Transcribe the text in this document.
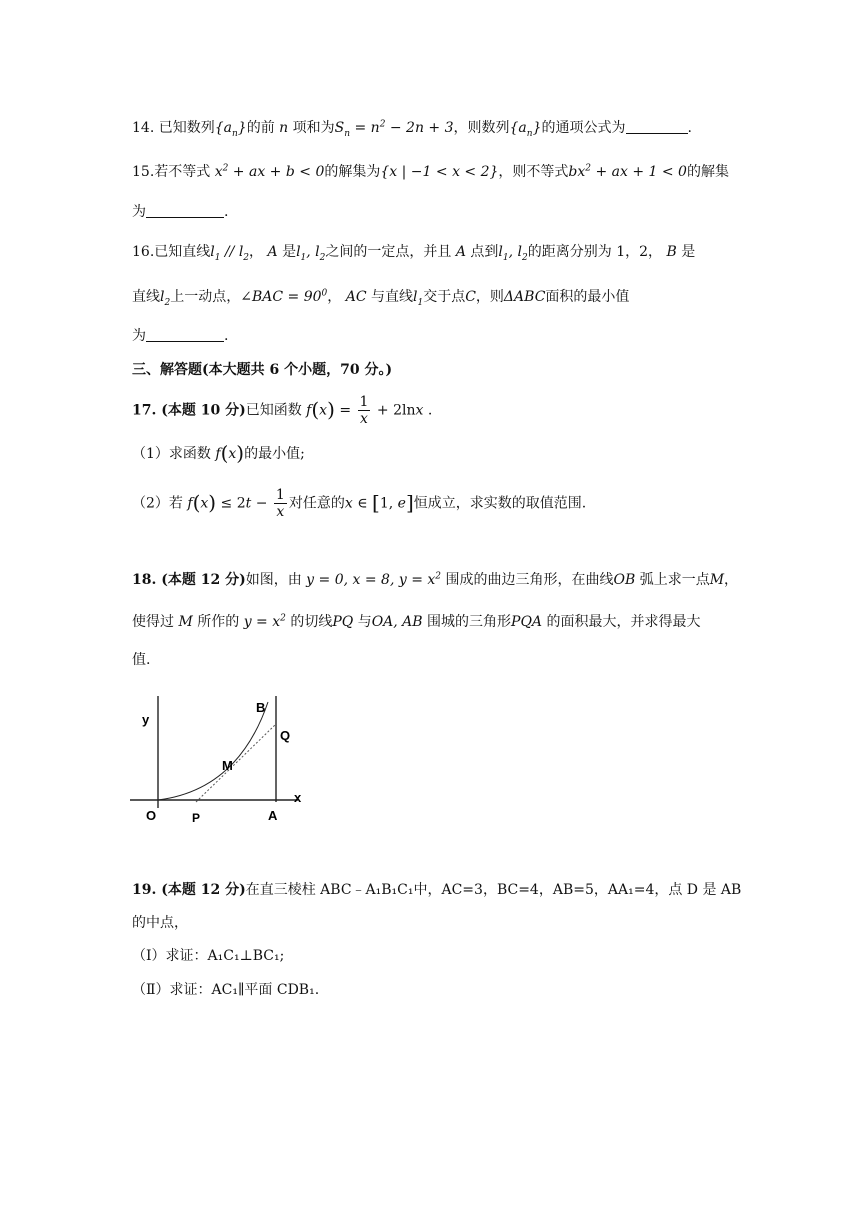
14. 已知数列$\{a_n\}$的前 n 项和为$S_n = n^2 - 2n + 3$，则数列$\{a_n\}$的通项公式为	.
15.若不等式 $x^2$ + ax + b < 0的解集为{x | −1 < x < 2}，则不等式$bx^2$ + ax + 1 < 0的解集
为	.
16.已知直线$l_1 // l_2$， A 是$l_1$, $l_2$之间的一定点，并且 A 点到$l_1$, $l_2$的距离分别为 1，2， B 是
直线$l_2$上一动点，∠BAC = $90^0$， AC 与直线$l_1$交于点C，则ΔABC面积的最小值
为	.
三、解答题(本大题共 6 个小题，70 分。)
17. (本题 10 分)已知函数 $f(x) = \frac{1}{x} + 2\ln x$ .
（1）求函数 f(x)的最小值;
（2）若 $f(x) \le 2t - \frac{1}{x}$ 对任意的x ∈ [1, e]恒成立，求实数的取值范围.
18. (本题 12 分)如图，由 y = 0, x = 8, $y = x^2$ 围成的曲边三角形，在曲线OB 弧上求一点M，
使得过 M 所作的 $y = x^2$ 的切线PQ 与OA, AB 围城的三角形PQA 的面积最大，并求得最大
值.
y
x
O	P	A
B
Q
M
19. (本题 12 分)在直三棱柱 ABC﹣A₁B₁C₁中，AC=3，BC=4，AB=5，AA₁=4，点 D 是 AB
的中点，
（Ⅰ）求证：A₁C₁⊥BC₁;
（Ⅱ）求证：AC₁∥平面 CDB₁.
